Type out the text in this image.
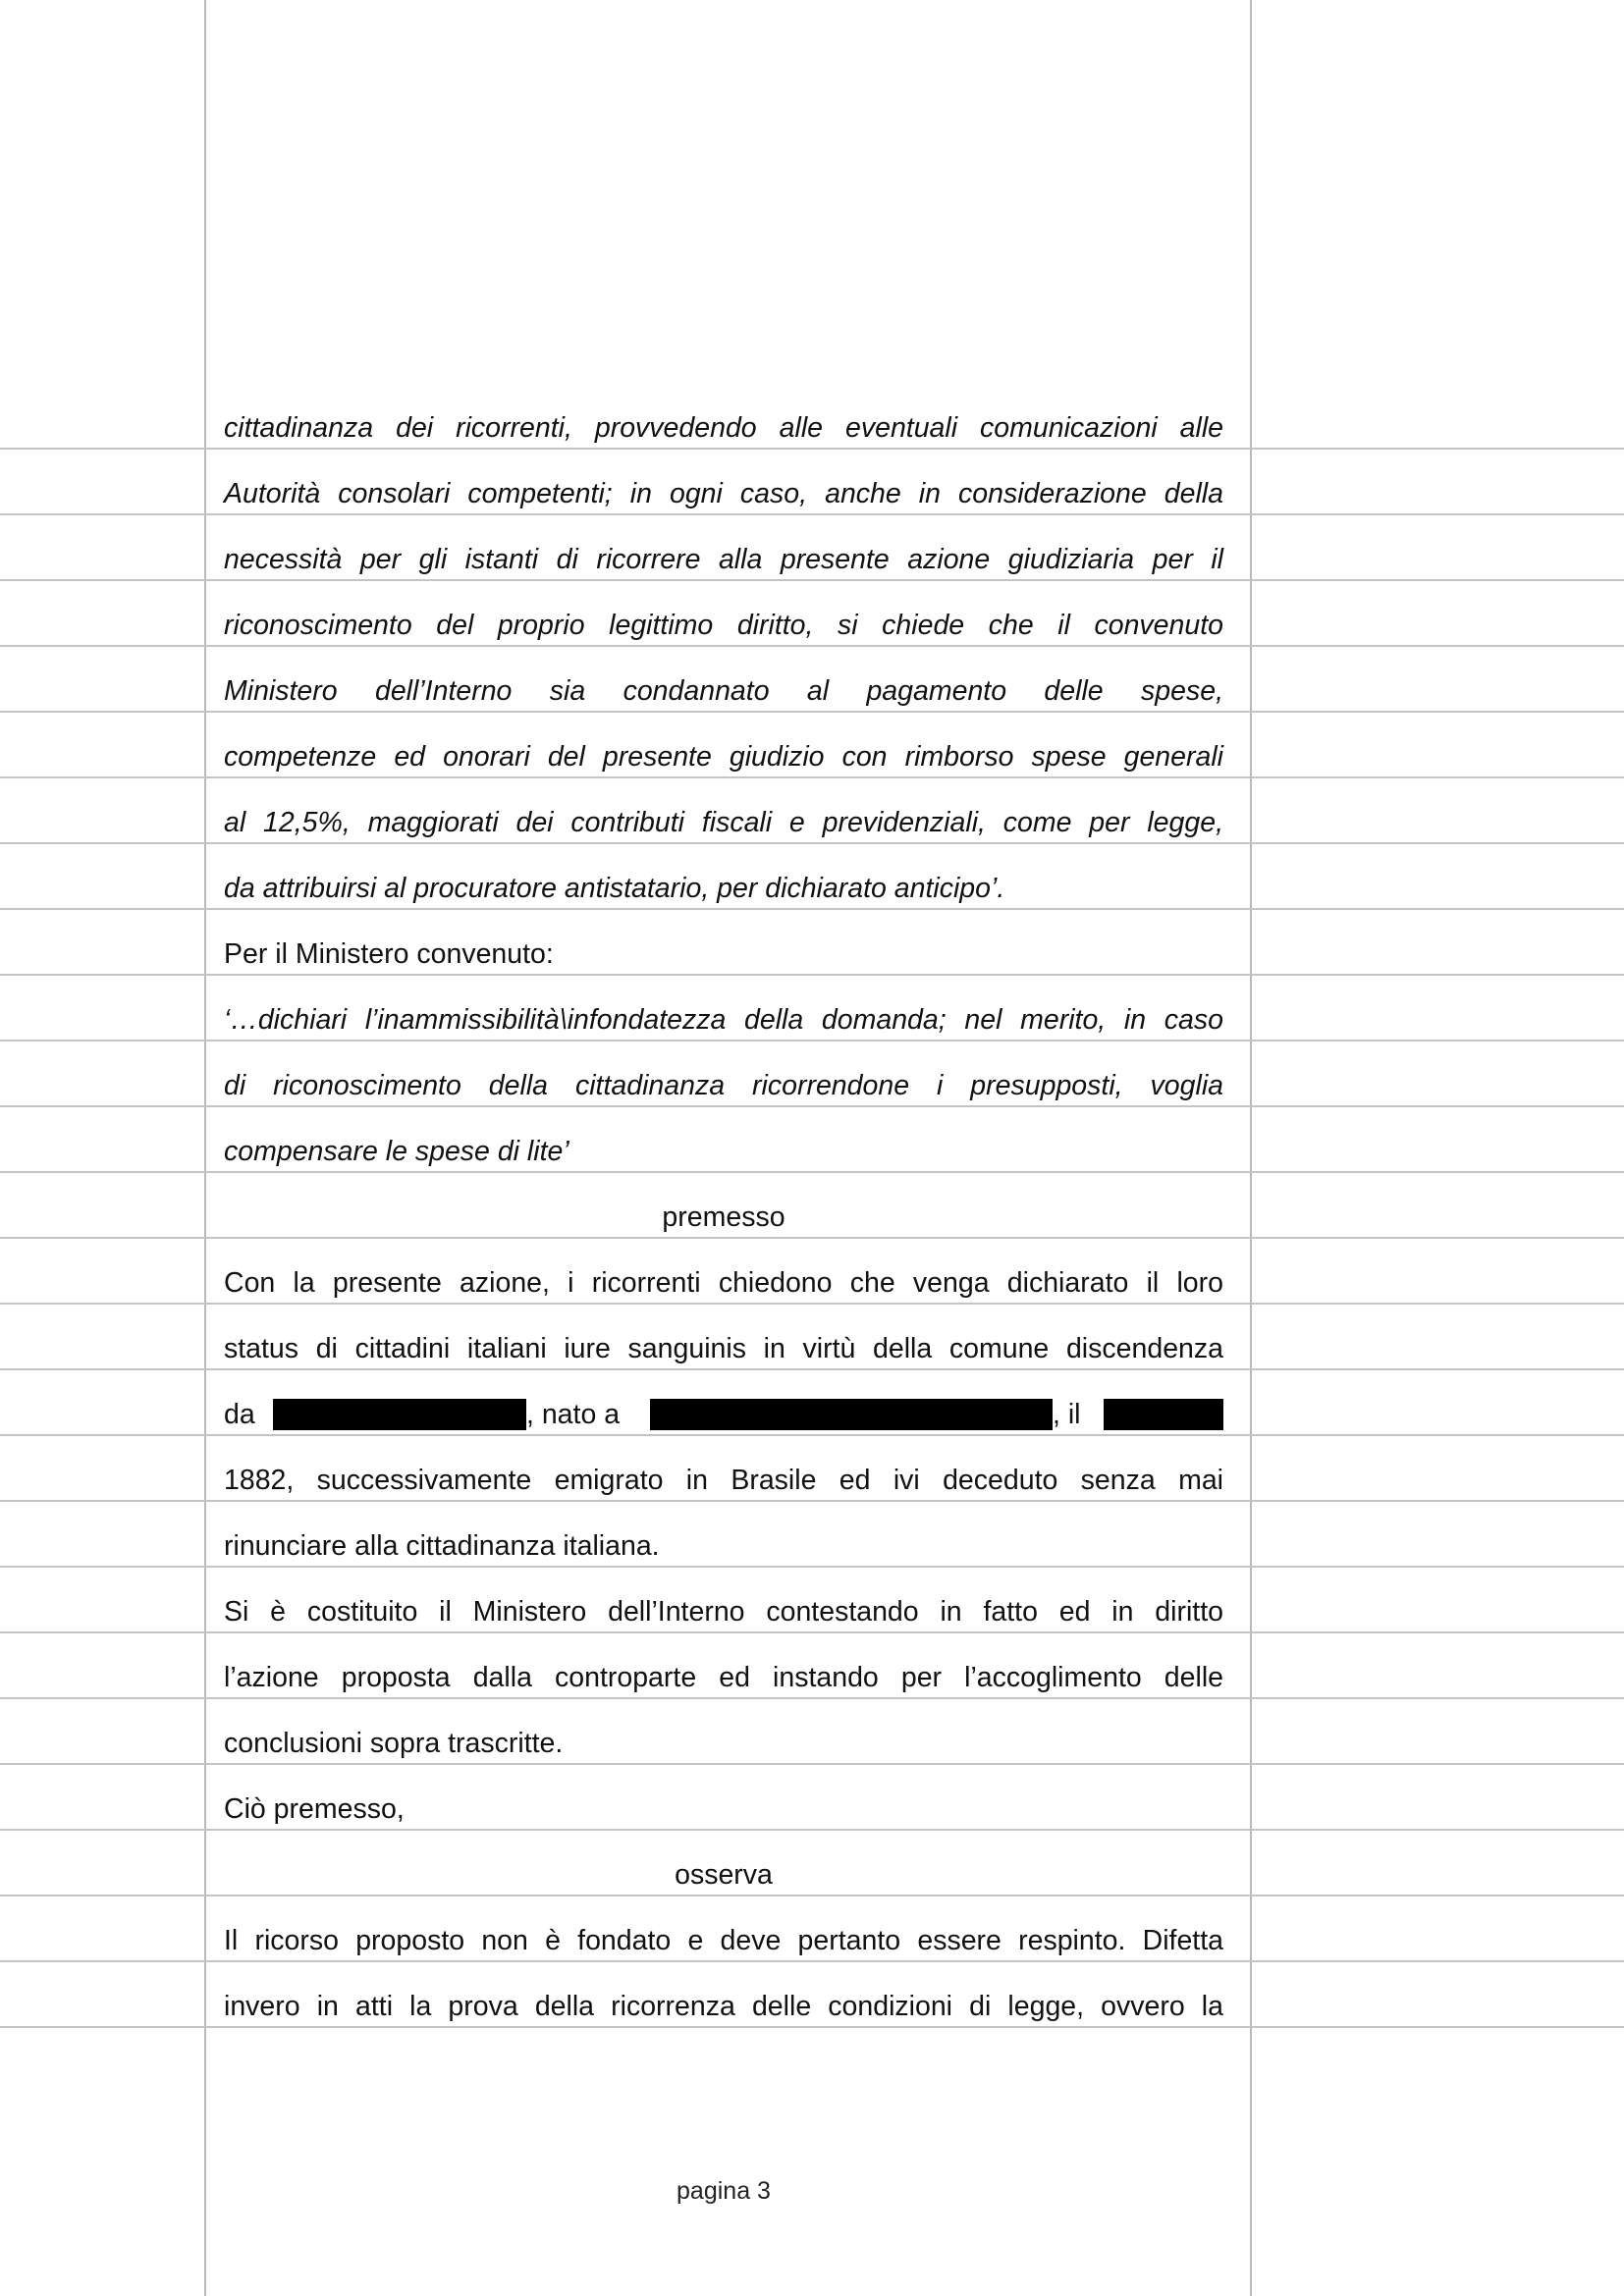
cittadinanza dei ricorrenti, provvedendo alle eventuali comunicazioni alle
Autorità consolari competenti; in ogni caso, anche in considerazione della
necessità per gli istanti di ricorrere alla presente azione giudiziaria per il
riconoscimento del proprio legittimo diritto, si chiede che il convenuto
Ministero dell’Interno sia condannato al pagamento delle spese,
competenze ed onorari del presente giudizio con rimborso spese generali
al 12,5%, maggiorati dei contributi fiscali e previdenziali, come per legge,
da attribuirsi al procuratore antistatario, per dichiarato anticipo’.
Per il Ministero convenuto:
‘…dichiari l’inammissibilità\infondatezza della domanda; nel merito, in caso
di riconoscimento della cittadinanza ricorrendone i presupposti, voglia
compensare le spese di lite’
premesso
Con la presente azione, i ricorrenti chiedono che venga dichiarato il loro
status di cittadini italiani iure sanguinis in virtù della comune discendenza
da	, nato a	, il
1882, successivamente emigrato in Brasile ed ivi deceduto senza mai
rinunciare alla cittadinanza italiana.
Si è costituito il Ministero dell’Interno contestando in fatto ed in diritto
l’azione proposta dalla controparte ed instando per l’accoglimento delle
conclusioni sopra trascritte.
Ciò premesso,
osserva
Il ricorso proposto non è fondato e deve pertanto essere respinto. Difetta
invero in atti la prova della ricorrenza delle condizioni di legge, ovvero la
pagina 3
